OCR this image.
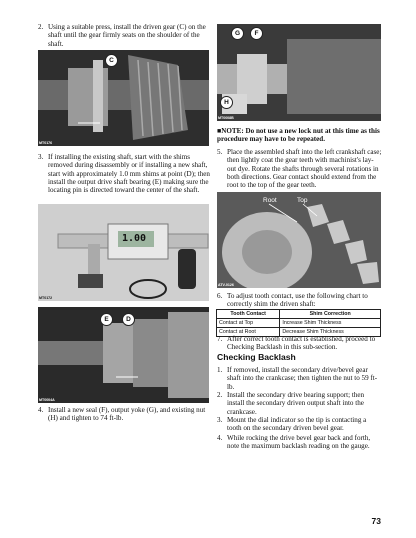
2. Using a suitable press, install the driven gear (C) on the shaft until the gear firmly seats on the shoulder of the shaft.
C
MT0176
3. If installing the existing shaft, start with the shims removed during disassembly or if installing a new shaft, start with approximately 1.0 mm shims at point (D); then install the output drive shaft bearing (E) making sure the locating pin is directed toward the center of the shaft.
1.00
MT0172
E	D
MT0004A
4. Install a new seal (F), output yoke (G), and existing nut (H) and tighten to 74 ft-lb.
G	F
H
MT0008B
■NOTE: Do not use a new lock nut at this time as this procedure may have to be repeated.
5. Place the assembled shaft into the left crankshaft case; then lightly coat the gear teeth with machinist's lay-out dye. Rotate the shafts through several rotations in both directions. Gear contact should extend from the root to the top of the gear teeth.
Root	Top
ATV-0126
6. To adjust tooth contact, use the following chart to correctly shim the driven shaft:
Tooth Contact	Shim Correction
Contact at Top	Increase Shim Thickness
Contact at Root	Decrease Shim Thickness
7. After correct tooth contact is established, proceed to Checking Backlash in this sub-section.
Checking Backlash
1. If removed, install the secondary drive/bevel gear shaft into the crankcase; then tighten the nut to 59 ft-lb.
2. Install the secondary drive bearing support; then install the secondary driven output shaft into the crankcase.
3. Mount the dial indicator so the tip is contacting a tooth on the secondary driven bevel gear.
4. While rocking the drive bevel gear back and forth, note the maximum backlash reading on the gauge.
73
